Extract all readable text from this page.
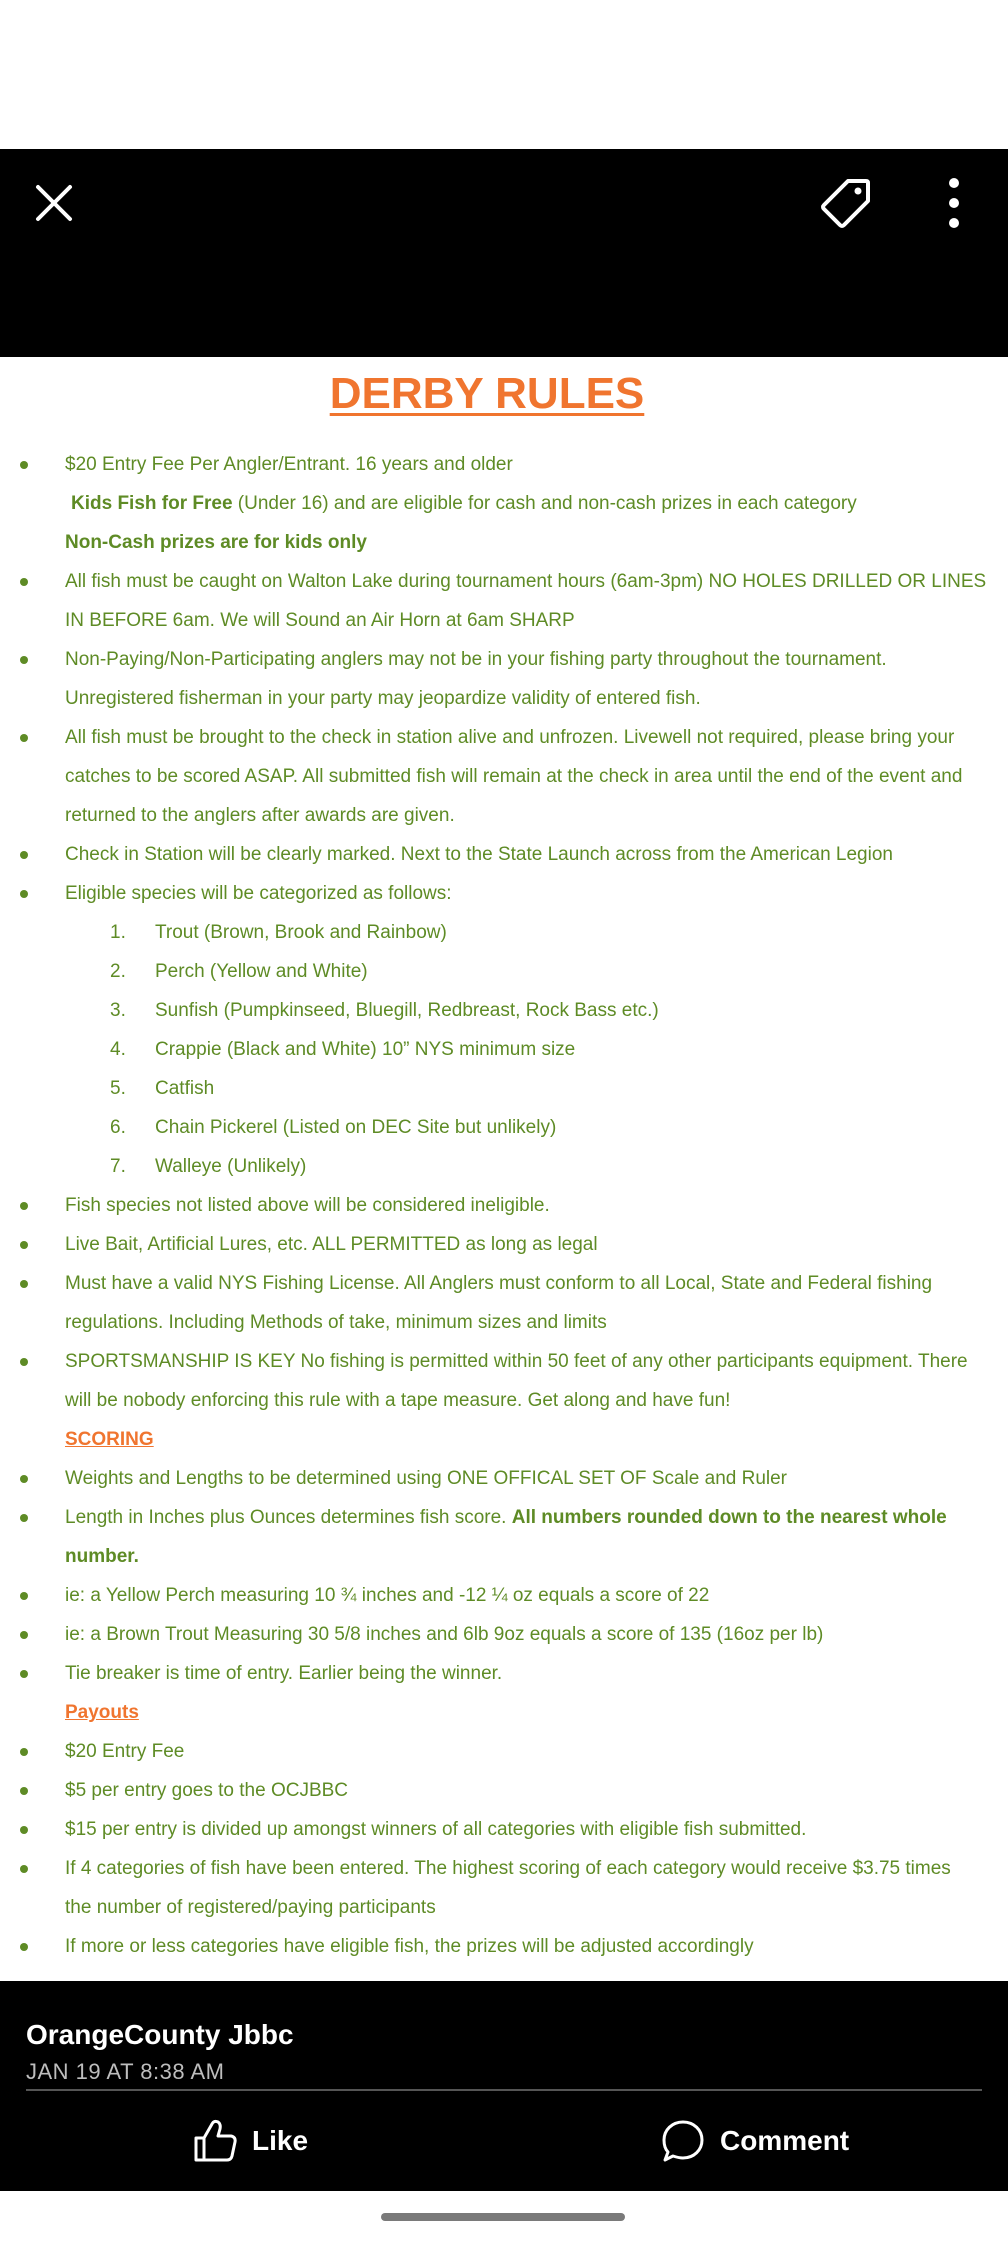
DERBY RULES
$20 Entry Fee Per Angler/Entrant. 16 years and older
Kids Fish for Free (Under 16) and are eligible for cash and non-cash prizes in each category
Non-Cash prizes are for kids only
All fish must be caught on Walton Lake during tournament hours (6am-3pm) NO HOLES DRILLED OR LINES
IN BEFORE 6am. We will Sound an Air Horn at 6am SHARP
Non-Paying/Non-Participating anglers may not be in your fishing party throughout the tournament.
Unregistered fisherman in your party may jeopardize validity of entered fish.
All fish must be brought to the check in station alive and unfrozen. Livewell not required, please bring your
catches to be scored ASAP. All submitted fish will remain at the check in area until the end of the event and
returned to the anglers after awards are given.
Check in Station will be clearly marked. Next to the State Launch across from the American Legion
Eligible species will be categorized as follows:
1. Trout (Brown, Brook and Rainbow)
2. Perch (Yellow and White)
3. Sunfish (Pumpkinseed, Bluegill, Redbreast, Rock Bass etc.)
4. Crappie (Black and White) 10” NYS minimum size
5. Catfish
6. Chain Pickerel (Listed on DEC Site but unlikely)
7. Walleye (Unlikely)
Fish species not listed above will be considered ineligible.
Live Bait, Artificial Lures, etc. ALL PERMITTED as long as legal
Must have a valid NYS Fishing License. All Anglers must conform to all Local, State and Federal fishing
regulations. Including Methods of take, minimum sizes and limits
SPORTSMANSHIP IS KEY No fishing is permitted within 50 feet of any other participants equipment. There
will be nobody enforcing this rule with a tape measure. Get along and have fun!
SCORING
Weights and Lengths to be determined using ONE OFFICAL SET OF Scale and Ruler
Length in Inches plus Ounces determines fish score. All numbers rounded down to the nearest whole
number.
ie: a Yellow Perch measuring 10 ¾ inches and -12 ¼ oz equals a score of 22
ie: a Brown Trout Measuring 30 5/8 inches and 6lb 9oz equals a score of 135 (16oz per lb)
Tie breaker is time of entry. Earlier being the winner.
Payouts
$20 Entry Fee
$5 per entry goes to the OCJBBC
$15 per entry is divided up amongst winners of all categories with eligible fish submitted.
If 4 categories of fish have been entered. The highest scoring of each category would receive $3.75 times
the number of registered/paying participants
If more or less categories have eligible fish, the prizes will be adjusted accordingly
OrangeCounty Jbbc
JAN 19 AT 8:38 AM
Like	Comment
